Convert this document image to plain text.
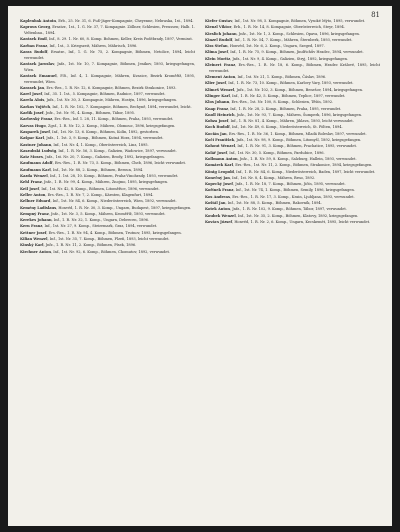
81

Kaplenbak Antoin, Erb., 25. Nr. 31, 6. Fuß-Jäger-Kompagnie, Cheyenne, Nebraska, 1st., 1894.

Kaprous Georg, Ersatzr., 1st., 1. G. Nr. 37, 7. Kompagnie. Zöllner, Schlesien, Preussen; Halb. 1. Veltenbau., 1894.

Karásek Emil, Inf., 8. 29. 1. Nr. 60, 8. Komp. Bohmen, Keller, Kreis Podébrady, 1897, Vermisst.

Karban Franz, Inf., 1st., 3. Kriegszeit, Mähren, Mährisch, 1896.

Karas Rudolf, Ersatzr., Inf., 1. G. Nr. 75, 2. Kompagnie, Böhmen, Netolice, 1894, leicht verwundet.

Karásek Jaroslav, Jnfz., 1st. Nr. 10, 7. Kompagnie, Böhmen, Jenikov, 1893, kriegsgefangen, Wien.

Karásek Emanuel, F.B., Inf. 4, 1. Kompagnie, Mähren, Kvasice, Bezirk Kroměříž, 1895, verwundet, Wien.

Karasek Jan, Ers.-Res., 1. R. Nr. 12, 6. Kompagnie, Böhmen, Bezirk Strakonice, 1893.

Karel Josef, Inf., 35. 1. 1st., 5. Kompagnie, Böhmen, Radnice, 1897, verwundet.

Karela Alois, Jnfz., 1st. Nr. 30, 3. Kompagnie, Mähren, Hostýn, 1896, kriegsgefangen.

Karkos Vojtěch, Inf., 1. R. Nr. 102, 7. Kompagnie, Böhmen, Bechyně, 1894, verwundet, leicht.

Karlík Josef, Jnfz., 1st. Nr. 91, 4. Komp., Böhmen, Tábor, 1895.

Karlovský Franz, Ers.-Res., Inf. 1. 28, 11. Komp., Böhmen, Praha, 1893, verwundet.

Karvas Hugo, Zgsf., 1. R. Nr. 12, 2. Komp., Mähren, Olomouc, 1896, kriegsgefangen.

Kasparek Josef, Inf., 1st. Nr. 13, 6. Komp., Böhmen, Kolín, 1892, gestorben.

Kašpar Karl, Jnfz., 1. 1st. 3, 9. Komp., Böhmen, Kutná Hora, 1894, verwundet.

Kastner Johann, Inf., 1st. Nr. 4, 1. Komp., Oberösterreich, Linz, 1895.

Kaszubski Ludwig, Inf., 1. R. Nr. 56, 3. Komp., Galizien, Wadowice, 1897, verwundet.

Katz Moses, Jnfz., 1st. Nr. 20, 7. Komp., Galizien, Brody, 1892, kriegsgefangen.

Kaufmann Adolf, Ers.-Res., 1. R. Nr. 73, 5. Komp., Böhmen, Cheb, 1896, leicht verwundet.

Kaufmann Karl, Inf., 1st. Nr. 88, 2. Komp., Böhmen, Beroun, 1894.

Kazda Wenzel, Inf., 1. 1st. 28, 10. Komp., Böhmen, Praha-Vinohrady, 1893, verwundet.

Kehl Franz, Jnfz., 1. R. Nr. 99, 4. Komp., Mähren, Znojmo, 1895, kriegsgefangen.

Keil Josef, Inf., 1st. Nr. 42, 8. Komp., Böhmen, Litoměřice, 1896, verwundet.

Keller Anton, Ers.-Res., 1. R. Nr. 7, 2. Komp., Kärnten, Klagenfurt, 1894.

Kellner Eduard, Inf., 1st. Nr. 84, 6. Komp., Niederösterreich, Wien, 1892, verwundet.

Kemény Ladislaus, Honvéd, 1. R. Nr. 30, 3. Komp., Ungarn, Budapest, 1897, kriegsgefangen.

Kempný Franz, Jnfz., 1st. Nr. 3, 5. Komp., Mähren, Kroměříž, 1893, verwundet.

Kerekes Johann, Inf., 1. R. Nr. 32, 1. Komp., Ungarn, Debrecen, 1896.

Kern Franz, Inf., 1st. Nr. 27, 9. Komp., Steiermark, Graz, 1894, verwundet.

Kettner Josef, Ers.-Res., 1. R. Nr. 94, 4. Komp., Böhmen, Trutnov, 1895, kriegsgefangen.

Kilian Wenzel, Inf., 1st. Nr. 35, 7. Komp., Böhmen, Plzeň, 1893, leicht verwundet.

Kinský Karl, Jnfz., 1. R. Nr. 11, 2. Komp., Böhmen, Písek, 1896.

Kirchner Anton, Inf., 1st. Nr. 92, 6. Komp., Böhmen, Chomutov, 1892, verwundet.

Kiefer Gustav, Inf., 1st. Nr. 98, 5. Kompagnie, Böhmen, Vysoké Mýto, 1895, verwundet.

Kienzl Viktor, Erb., 1. R. Nr. 14, 8. Kompagnie, Oberösterreich, Steyr, 1894.

Kieslich Johann, Jnfz., 1st. Nr. 1, 3. Komp., Schlesien, Opava, 1896, kriegsgefangen.

Kinzel Rudolf, Inf., 1. R. Nr. 54, 7. Komp., Mähren, Šternberk, 1893, verwundet.

Kiss Stefan, Honvéd, 1st. Nr. 6, 2. Komp., Ungarn, Szeged, 1897.

Klíma Josef, Inf., 1. R. Nr. 75, 9. Komp., Böhmen, Jindřichův Hradec, 1894, verwundet.

Klein Moritz, Jnfz., 1st. Nr. 9, 4. Komp., Galizien, Stryj, 1892, kriegsgefangen.

Kleinert Franz, Ers.-Res., 1. R. Nr. 18, 6. Komp., Böhmen, Hradec Králové, 1895, leicht verwundet.

Klement Anton, Inf., 1st. Nr. 21, 1. Komp., Böhmen, Čáslav, 1896.

Klier Josef, Inf., 1. R. Nr. 73, 10. Komp., Böhmen, Karlovy Vary, 1893, verwundet.

Klimeš Wenzel, Jnfz., 1st. Nr. 102, 3. Komp., Böhmen, Benešov, 1894, kriegsgefangen.

Klinger Karl, Inf., 1. R. Nr. 42, 5. Komp., Böhmen, Teplice, 1897, verwundet.

Klos Johann, Ers.-Res., 1st. Nr. 100, 8. Komp., Schlesien, Těšín, 1892.

Knap Franz, Inf., 1. R. Nr. 28, 2. Komp., Böhmen, Praha, 1895, verwundet.

Knoll Heinrich, Jnfz., 1st. Nr. 93, 7. Komp., Mähren, Šumperk, 1896, kriegsgefangen.

Kobza Josef, Inf., 1. R. Nr. 81, 4. Komp., Mähren, Jihlava, 1893, leicht verwundet.

Koch Rudolf, Inf., 1st. Nr. 49, 6. Komp., Niederösterreich, St. Pölten, 1894.

Kocián Jan, Ers.-Res., 1. R. Nr. 36, 1. Komp., Böhmen, Mladá Boleslav, 1897, verwundet.

Kočí František, Jnfz., 1st. Nr. 98, 9. Komp., Böhmen, Litomyšl, 1892, kriegsgefangen.

Kohout Wenzel, Inf., 1. R. Nr. 91, 3. Komp., Böhmen, Prachatice, 1895, verwundet.

Kolář Josef, Inf., 1st. Nr. 30, 5. Komp., Böhmen, Pardubice, 1896.

Kollmann Anton, Jnfz., 1. R. Nr. 59, 8. Komp., Salzburg, Hallein, 1893, verwundet.

Komárek Karl, Ers.-Res., 1st. Nr. 11, 2. Komp., Böhmen, Strakonice, 1894, kriegsgefangen.

König Leopold, Inf., 1. R. Nr. 84, 6. Komp., Niederösterreich, Baden, 1897, leicht verwundet.

Konečný Jan, Inf., 1st. Nr. 8, 4. Komp., Mähren, Brno, 1892.

Kopecký Josef, Jnfz., 1. R. Nr. 18, 7. Komp., Böhmen, Jičín, 1895, verwundet.

Kořínek Franz, Inf., 1st. Nr. 74, 1. Komp., Böhmen, Semily, 1896, kriegsgefangen.

Kos Andreas, Ers.-Res., 1. R. Nr. 17, 3. Komp., Krain, Ljubljana, 1893, verwundet.

Koštál Jan, Inf., 1st. Nr. 88, 5. Komp., Böhmen, Rakovník, 1894.

Kotek Anton, Jnfz., 1. R. Nr. 102, 9. Komp., Böhmen, Tábor, 1897, verwundet.

Koubek Wenzel, Inf., 1st. Nr. 35, 2. Komp., Böhmen, Klatovy, 1892, kriegsgefangen.

Kovács József, Honvéd, 1. R. Nr. 2, 6. Komp., Ungarn, Kecskemét, 1895, leicht verwundet.
